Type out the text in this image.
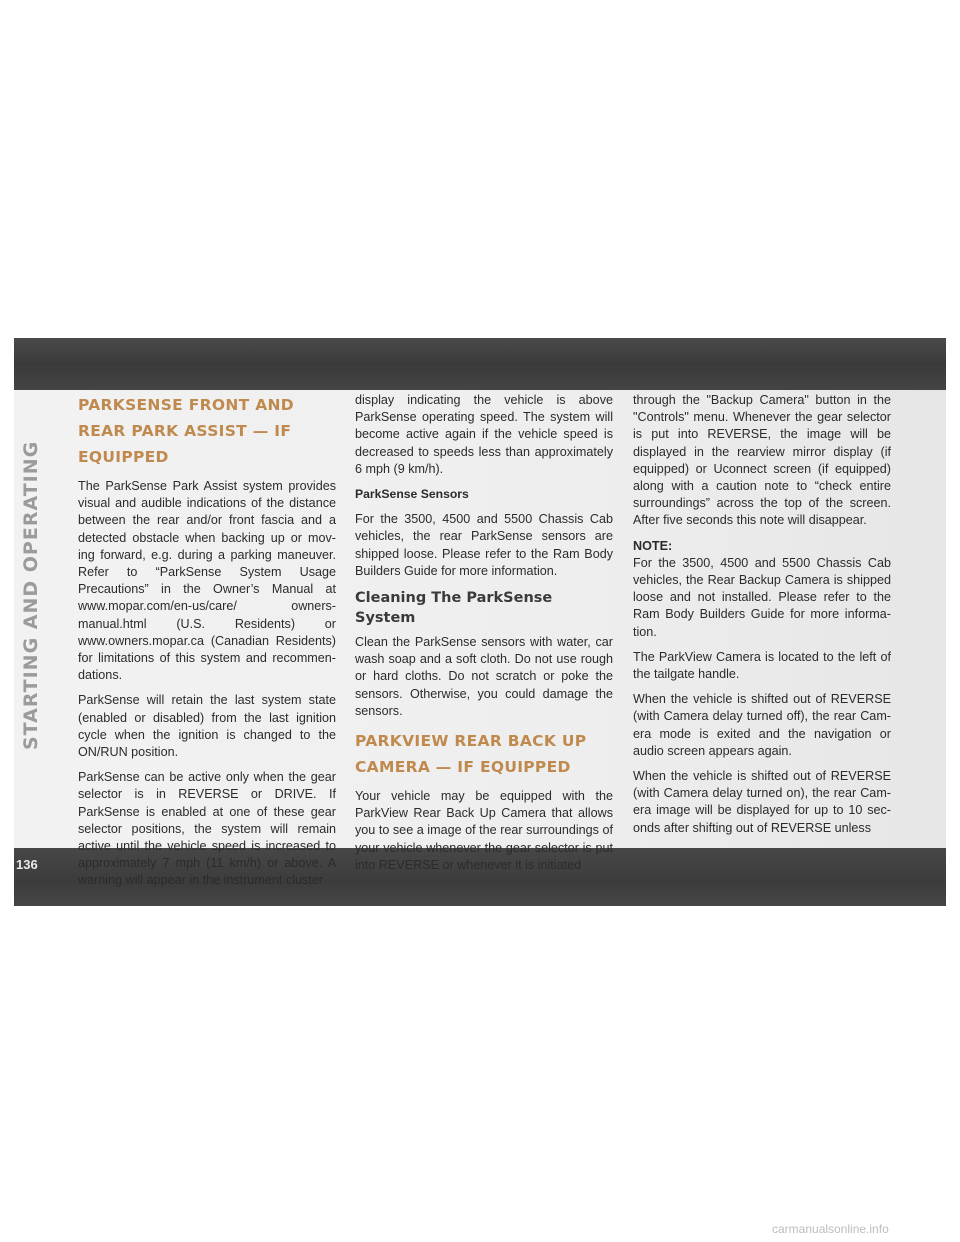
STARTING AND OPERATING
PARKSENSE FRONT AND REAR PARK ASSIST — IF EQUIPPED

The ParkSense Park Assist system provides visual and audible indications of the distance between the rear and/or front fascia and a detected obstacle when backing up or mov-ing forward, e.g. during a parking maneuver. Refer to “ParkSense System Usage Precautions” in the Owner’s Manual at www.mopar.com/en-us/care/ owners-manual.html (U.S. Residents) or www.owners.mopar.ca (Canadian Residents) for limitations of this system and recommen-dations.

ParkSense will retain the last system state (enabled or disabled) from the last ignition cycle when the ignition is changed to the ON/RUN position.

ParkSense can be active only when the gear selector is in REVERSE or DRIVE. If ParkSense is enabled at one of these gear selector positions, the system will remain active until the vehicle speed is increased to approximately 7 mph (11 km/h) or above. A warning will appear in the instrument cluster

display indicating the vehicle is above ParkSense operating speed. The system will become active again if the vehicle speed is decreased to speeds less than approximately 6 mph (9 km/h).

ParkSense Sensors

For the 3500, 4500 and 5500 Chassis Cab vehicles, the rear ParkSense sensors are shipped loose. Please refer to the Ram Body Builders Guide for more information.

Cleaning The ParkSense System

Clean the ParkSense sensors with water, car wash soap and a soft cloth. Do not use rough or hard cloths. Do not scratch or poke the sensors. Otherwise, you could damage the sensors.

PARKVIEW REAR BACK UP CAMERA — IF EQUIPPED

Your vehicle may be equipped with the ParkView Rear Back Up Camera that allows you to see a image of the rear surroundings of your vehicle whenever the gear selector is put into REVERSE or whenever it is initiated

through the "Backup Camera" button in the "Controls" menu. Whenever the gear selector is put into REVERSE, the image will be displayed in the rearview mirror display (if equipped) or Uconnect screen (if equipped) along with a caution note to “check entire surroundings” across the top of the screen. After five seconds this note will disappear.

NOTE:

For the 3500, 4500 and 5500 Chassis Cab vehicles, the Rear Backup Camera is shipped loose and not installed. Please refer to the Ram Body Builders Guide for more informa-tion.

The ParkView Camera is located to the left of the tailgate handle.

When the vehicle is shifted out of REVERSE (with Camera delay turned off), the rear Cam-era mode is exited and the navigation or audio screen appears again.

When the vehicle is shifted out of REVERSE (with Camera delay turned on), the rear Cam-era image will be displayed for up to 10 sec-onds after shifting out of REVERSE unless

136
carmanualsonline.info
